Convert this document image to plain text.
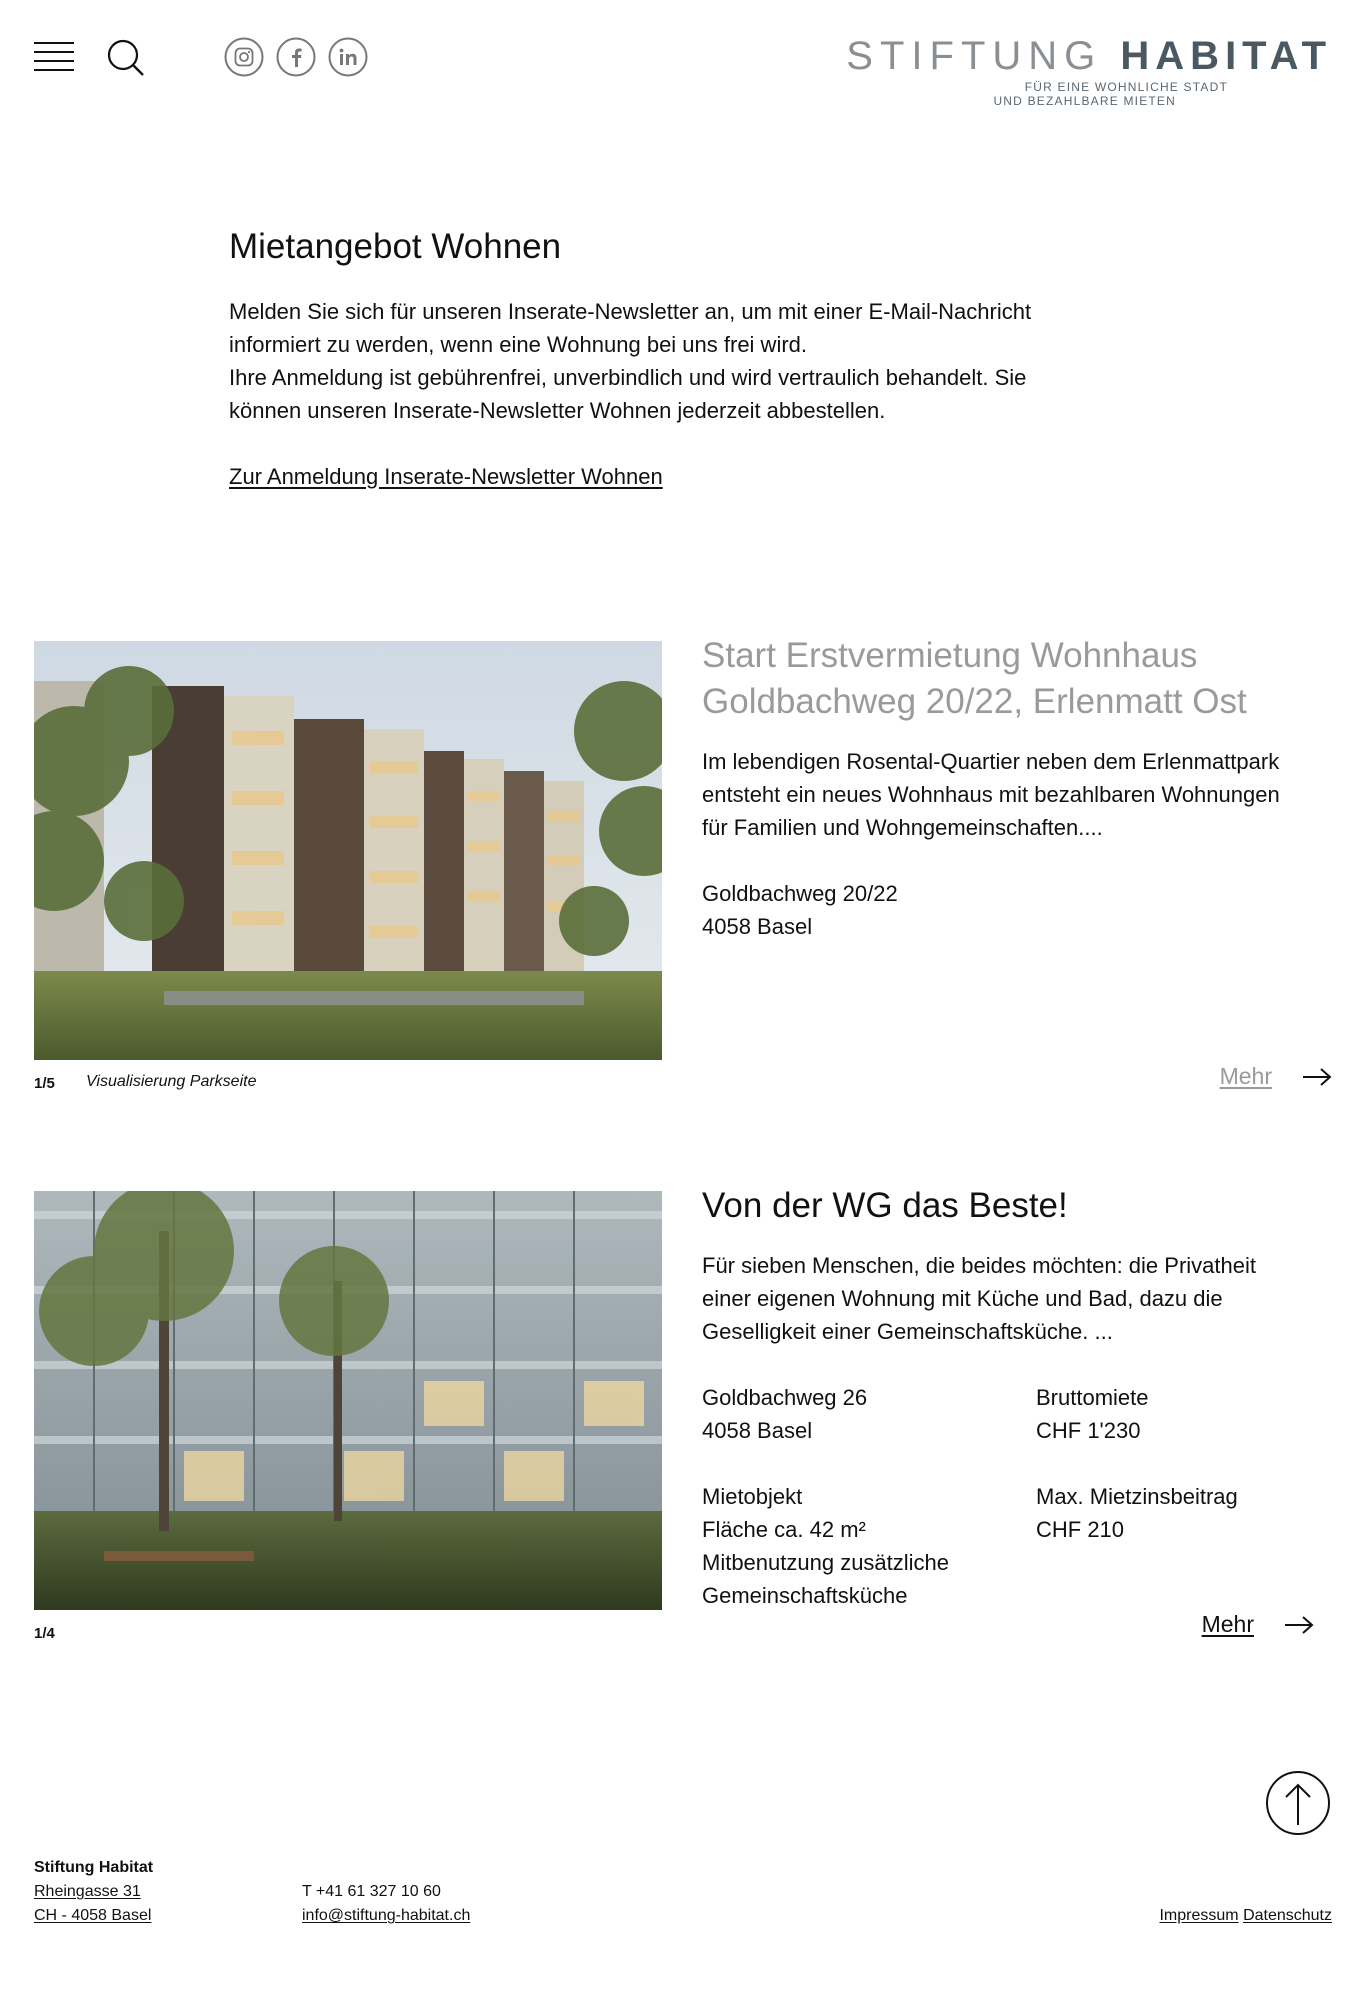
STIFTUNG HABITAT
FÜR EINE WOHNLICHE STADT
UND BEZAHLBARE MIETEN
Mietangebot Wohnen

Melden Sie sich für unseren Inserate-Newsletter an, um mit einer E-Mail-Nachricht
informiert zu werden, wenn eine Wohnung bei uns frei wird.
Ihre Anmeldung ist gebührenfrei, unverbindlich und wird vertraulich behandelt. Sie
können unseren Inserate-Newsletter Wohnen jederzeit abbestellen.

Zur Anmeldung Inserate-Newsletter Wohnen
1/5 Visualisierung Parkseite
Start Erstvermietung Wohnhaus
Goldbachweg 20/22, Erlenmatt Ost

Im lebendigen Rosental-Quartier neben dem Erlenmattpark
entsteht ein neues Wohnhaus mit bezahlbaren Wohnungen
für Familien und Wohngemeinschaften....

Goldbachweg 20/22
4058 Basel

Mehr
1/4
Von der WG das Beste!

Für sieben Menschen, die beides möchten: die Privatheit
einer eigenen Wohnung mit Küche und Bad, dazu die
Geselligkeit einer Gemeinschaftsküche. ...

Goldbachweg 26
4058 Basel
Bruttomiete
CHF 1'230
Mietobjekt
Fläche ca. 42 m²
Mitbenutzung zusätzliche
Gemeinschaftsküche
Max. Mietzinsbeitrag
CHF 210
Mehr
Stiftung Habitat
Rheingasse 31
CH - 4058 Basel
T +41 61 327 10 60
info@stiftung-habitat.ch	Impressum Datenschutz
